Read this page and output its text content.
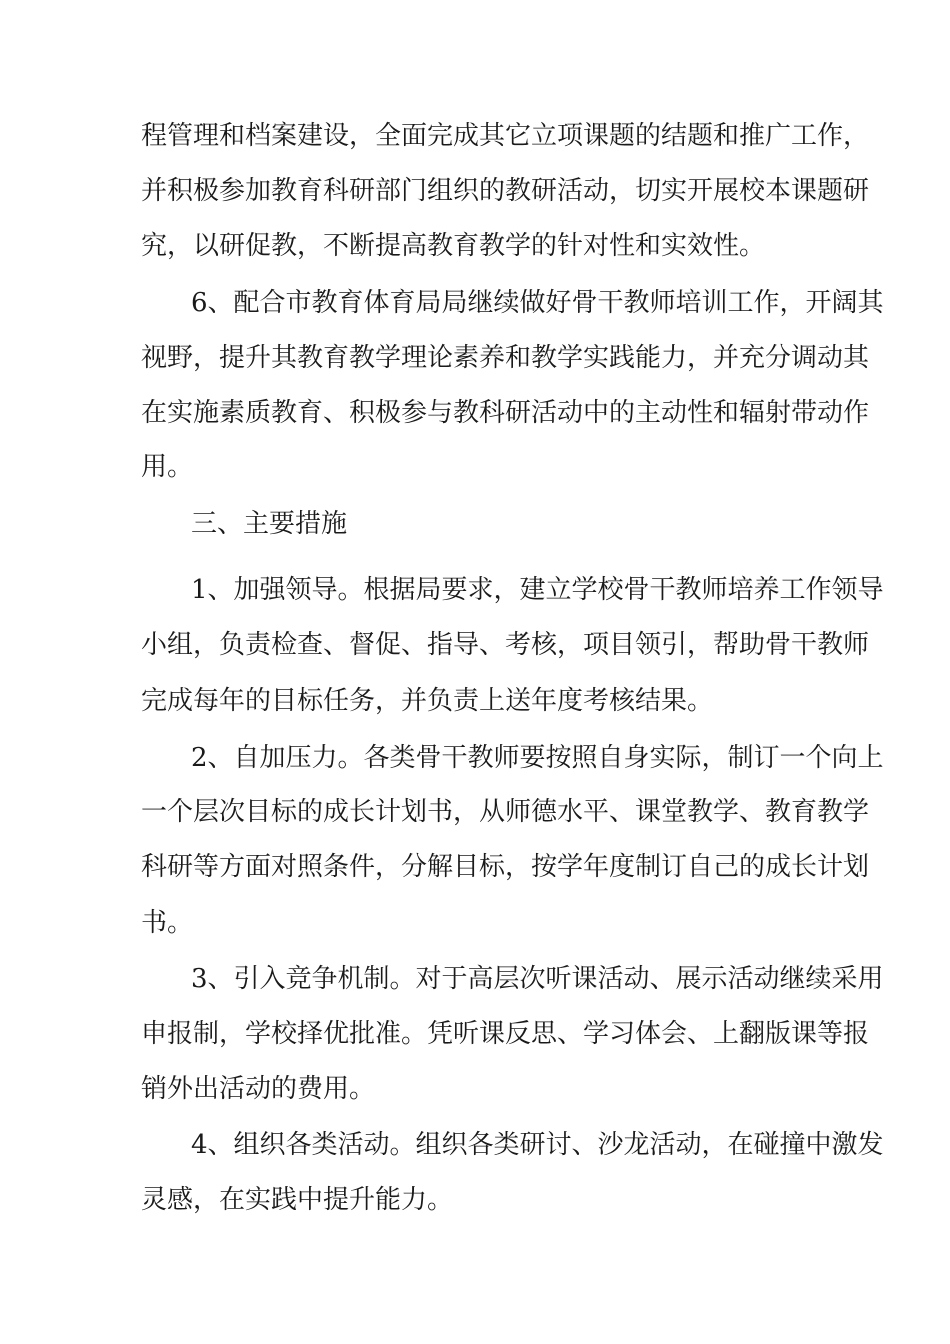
程管理和档案建设，全面完成其它立项课题的结题和推广工作，

并积极参加教育科研部门组织的教研活动，切实开展校本课题研

究，以研促教，不断提高教育教学的针对性和实效性。

6、配合市教育体育局局继续做好骨干教师培训工作，开阔其

视野，提升其教育教学理论素养和教学实践能力，并充分调动其

在实施素质教育、积极参与教科研活动中的主动性和辐射带动作

用。

三、主要措施

1、加强领导。根据局要求，建立学校骨干教师培养工作领导

小组，负责检查、督促、指导、考核，项目领引，帮助骨干教师

完成每年的目标任务，并负责上送年度考核结果。

2、自加压力。各类骨干教师要按照自身实际，制订一个向上

一个层次目标的成长计划书，从师德水平、课堂教学、教育教学

科研等方面对照条件，分解目标，按学年度制订自己的成长计划

书。

3、引入竞争机制。对于高层次听课活动、展示活动继续采用

申报制，学校择优批准。凭听课反思、学习体会、上翻版课等报

销外出活动的费用。

4、组织各类活动。组织各类研讨、沙龙活动，在碰撞中激发

灵感，在实践中提升能力。
